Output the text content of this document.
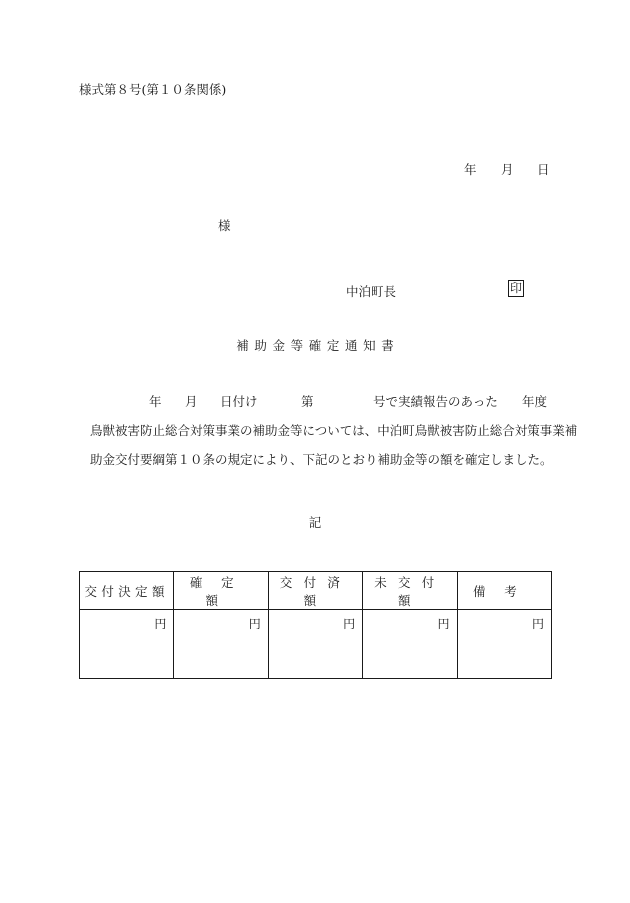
様式第８号(第１０条関係)
年 月 日
様
中泊町長	印
補助金等確定通知書
年 月 日付け	第	号で実績報告のあった 年度
鳥獣被害防止総合対策事業の補助金等については、中泊町鳥獣被害防止総合対策事業補
助金交付要綱第１０条の規定により、下記のとおり補助金等の額を確定しました。
記
交付決定額	確定額	交付済額	未交付額	備考
円	円	円	円	円
